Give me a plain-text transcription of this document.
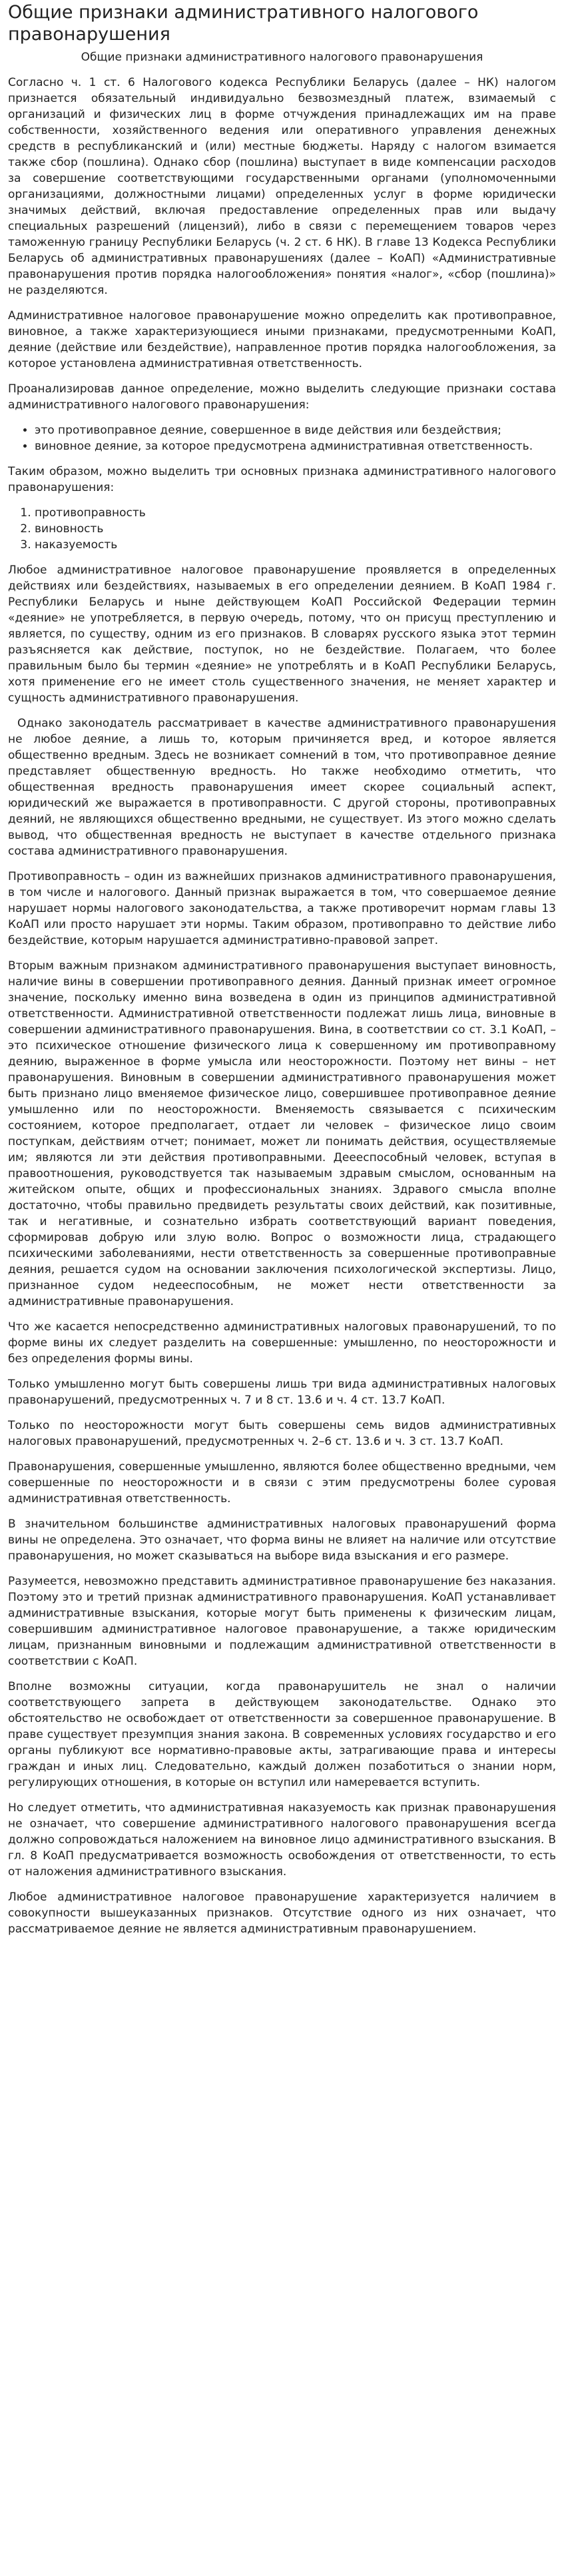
Общие признаки административного налогового правонарушения
Общие признаки административного налогового правонарушения

Согласно ч. 1 ст. 6 Налогового кодекса Республики Беларусь (далее – НК) налогом признается обязательный индивидуально безвозмездный платеж, взимаемый с организаций и физических лиц в форме отчуждения принадлежащих им на праве собственности, хозяйственного ведения или оперативного управления денежных средств в республиканский и (или) местные бюджеты. Наряду с налогом взимается также сбор (пошлина). Однако сбор (пошлина) выступает в виде компенсации расходов за совершение соответствующими государственными органами (уполномоченными организациями, должностными лицами) определенных услуг в форме юридически значимых действий, включая предоставление определенных прав или выдачу специальных разрешений (лицензий), либо в связи с перемещением товаров через таможенную границу Республики Беларусь (ч. 2 ст. 6 НК). В главе 13 Кодекса Республики Беларусь об административных правонарушениях (далее – КоАП) «Административные правонарушения против порядка налогообложения» понятия «налог», «сбор (пошлина)» не разделяются.

Административное налоговое правонарушение можно определить как противоправное, виновное, а также характеризующиеся иными признаками, предусмотренными КоАП, деяние (действие или бездействие), направленное против порядка налогообложения, за которое установлена административная ответственность.

Проанализировав данное определение, можно выделить следующие признаки состава административного налогового правонарушения:

• это противоправное деяние, совершенное в виде действия или бездействия;
• виновное деяние, за которое предусмотрена административная ответственность.

Таким образом, можно выделить три основных признака административного налогового правонарушения:

1. противоправность
2. виновность
3. наказуемость

Любое административное налоговое правонарушение проявляется в определенных действиях или бездействиях, называемых в его определении деянием. В КоАП 1984 г. Республики Беларусь и ныне действующем КоАП Российской Федерации термин «деяние» не употребляется, в первую очередь, потому, что он присущ преступлению и является, по существу, одним из его признаков. В словарях русского языка этот термин разъясняется как действие, поступок, но не бездействие. Полагаем, что более правильным было бы термин «деяние» не употреблять и в КоАП Республики Беларусь, хотя применение его не имеет столь существенного значения, не меняет характер и сущность административного правонарушения.

Однако законодатель рассматривает в качестве административного правонарушения не любое деяние, а лишь то, которым причиняется вред, и которое является общественно вредным. Здесь не возникает сомнений в том, что противоправное деяние представляет общественную вредность. Но также необходимо отметить, что общественная вредность правонарушения имеет скорее социальный аспект, юридический же выражается в противоправности. С другой стороны, противоправных деяний, не являющихся общественно вредными, не существует. Из этого можно сделать вывод, что общественная вредность не выступает в качестве отдельного признака состава административного правонарушения.

Противоправность – один из важнейших признаков административного правонарушения, в том числе и налогового. Данный признак выражается в том, что совершаемое деяние нарушает нормы налогового законодательства, а также противоречит нормам главы 13 КоАП или просто нарушает эти нормы. Таким образом, противоправно то действие либо бездействие, которым нарушается административно-правовой запрет.

Вторым важным признаком административного правонарушения выступает виновность, наличие вины в совершении противоправного деяния. Данный признак имеет огромное значение, поскольку именно вина возведена в один из принципов административной ответственности. Административной ответственности подлежат лишь лица, виновные в совершении административного правонарушения. Вина, в соответствии со ст. 3.1 КоАП, – это психическое отношение физического лица к совершенному им противоправному деянию, выраженное в форме умысла или неосторожности. Поэтому нет вины – нет правонарушения. Виновным в совершении административного правонарушения может быть признано лицо вменяемое физическое лицо, совершившее противоправное деяние умышленно или по неосторожности. Вменяемость связывается с психическим состоянием, которое предполагает, отдает ли человек – физическое лицо своим поступкам, действиям отчет; понимает, может ли понимать действия, осуществляемые им; являются ли эти действия противоправными. Деееспособный человек, вступая в правоотношения, руководствуется так называемым здравым смыслом, основанным на житейском опыте, общих и профессиональных знаниях. Здравого смысла вполне достаточно, чтобы правильно предвидеть результаты своих действий, как позитивные, так и негативные, и сознательно избрать соответствующий вариант поведения, сформировав добрую или злую волю. Вопрос о возможности лица, страдающего психическими заболеваниями, нести ответственность за совершенные противоправные деяния, решается судом на основании заключения психологической экспертизы. Лицо, признанное судом недееспособным, не может нести ответственности за административные правонарушения.

Что же касается непосредственно административных налоговых правонарушений, то по форме вины их следует разделить на совершенные: умышленно, по неосторожности и без определения формы вины.

Только умышленно могут быть совершены лишь три вида административных налоговых правонарушений, предусмотренных ч. 7 и 8 ст. 13.6 и ч. 4 ст. 13.7 КоАП.

Только по неосторожности могут быть совершены семь видов административных налоговых правонарушений, предусмотренных ч. 2–6 ст. 13.6 и ч. 3 ст. 13.7 КоАП.

Правонарушения, совершенные умышленно, являются более общественно вредными, чем совершенные по неосторожности и в связи с этим предусмотрены более суровая административная ответственность.

В значительном большинстве административных налоговых правонарушений форма вины не определена. Это означает, что форма вины не влияет на наличие или отсутствие правонарушения, но может сказываться на выборе вида взыскания и его размере.

Разумеется, невозможно представить административное правонарушение без наказания. Поэтому это и третий признак административного правонарушения. КоАП устанавливает административные взыскания, которые могут быть применены к физическим лицам, совершившим административное налоговое правонарушение, а также юридическим лицам, признанным виновными и подлежащим административной ответственности в соответствии с КоАП.

Вполне возможны ситуации, когда правонарушитель не знал о наличии соответствующего запрета в действующем законодательстве. Однако это обстоятельство не освобождает от ответственности за совершенное правонарушение. В праве существует презумпция знания закона. В современных условиях государство и его органы публикуют все нормативно-правовые акты, затрагивающие права и интересы граждан и иных лиц. Следовательно, каждый должен позаботиться о знании норм, регулирующих отношения, в которые он вступил или намеревается вступить.

Но следует отметить, что административная наказуемость как признак правонарушения не означает, что совершение административного налогового правонарушения всегда должно сопровождаться наложением на виновное лицо административного взыскания. В гл. 8 КоАП предусматривается возможность освобождения от ответственности, то есть от наложения административного взыскания.

Любое административное налоговое правонарушение характеризуется наличием в совокупности вышеуказанных признаков. Отсутствие одного из них означает, что рассматриваемое деяние не является административным правонарушением.
